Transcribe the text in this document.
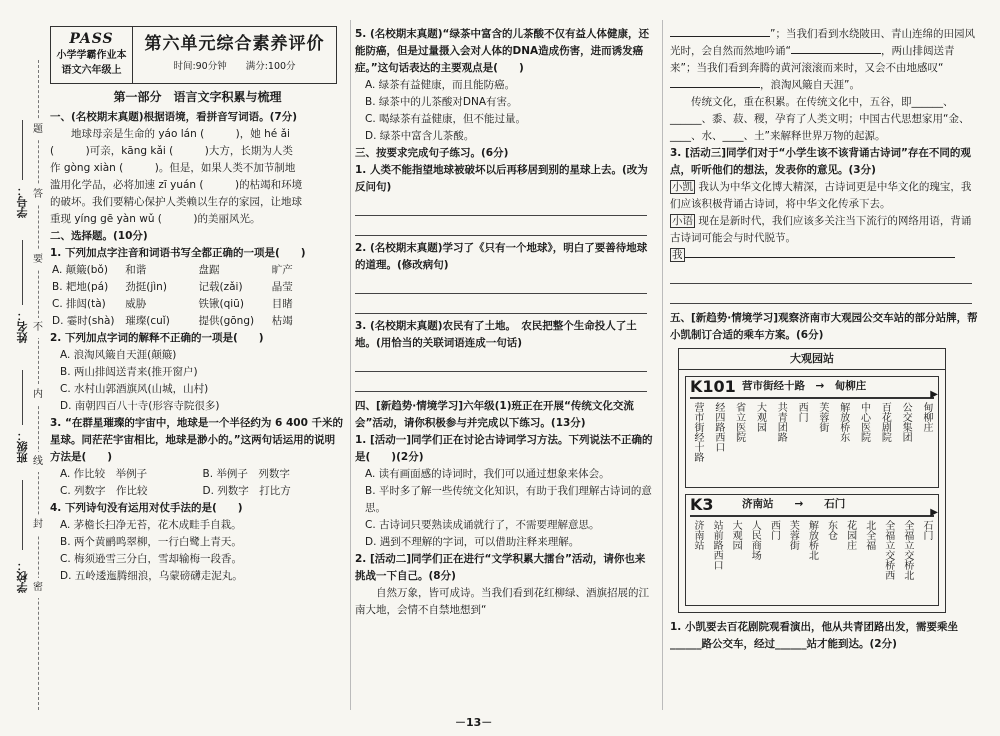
学校：
班级：
姓名：
学号：
题
答
要
不
内
线
封
密
PASS
小学学霸作业本
语文六年级上
第六单元综合素养评价
时间:90分钟　　满分:100分
第一部分　语言文字积累与梳理
一、(名校期末真题)根据语境，看拼音写词语。(7分)
　　地球母亲是生命的 yáo lán (　　　)，她 hé ǎi
(　　　)可亲，kāng kǎi (　　　)大方，长期为人类
作 gòng xiàn (　　　)。但是，如果人类不加节制地
滥用化学品，必将加速 zī yuán (　　　)的枯竭和环境
的破坏。我们要精心保护人类赖以生存的家园，让地球
重现 yíng gē yàn wǔ (　　　)的美丽风光。
二、选择题。(10分)
1. 下列加点字注音和词语书写全都正确的一项是(　　)
A. 颠簸(bǒ)	和谐	盘踞	旷产
B. 耙地(pá)	劲挺(jìn)	记载(zǎi)	晶莹
C. 排闼(tà)	威胁	铁锹(qiū)	目睹
D. 霎时(shà)	璀璨(cuǐ)	提供(gōng)	枯竭
2. 下列加点字词的解释不正确的一项是(　　)
A. 浪淘风簸自天涯(颠簸)
B. 两山排闼送青来(推开窗户)
C. 水村山郭酒旗风(山城，山村)
D. 南朝四百八十寺(形容寺院很多)
3. “在群星璀璨的宇宙中，地球是一个半径约为 6 400 千米的星球。同茫茫宇宙相比，地球是渺小的。”这两句话运用的说明方法是(　　)
A. 作比较　举例子	B. 举例子　列数字
C. 列数字　作比较	D. 列数字　打比方
4. 下列诗句没有运用对仗手法的是(　　)
A. 茅檐长扫净无苔，花木成畦手自栽。
B. 两个黄鹂鸣翠柳，一行白鹭上青天。
C. 梅须逊雪三分白，雪却输梅一段香。
D. 五岭逶迤腾细浪，乌蒙磅礴走泥丸。
5. (名校期末真题)“绿茶中富含的儿茶酸不仅有益人体健康，还能防癌，但是过量摄入会对人体的DNA造成伤害，进而诱发癌症。”这句话表达的主要观点是(　　)
A. 绿茶有益健康，而且能防癌。
B. 绿茶中的儿茶酸对DNA有害。
C. 喝绿茶有益健康，但不能过量。
D. 绿茶中富含儿茶酸。
三、按要求完成句子练习。(6分)
1. 人类不能指望地球被破坏以后再移居到别的星球上去。(改为反问句)
2. (名校期末真题)学习了《只有一个地球》，明白了要善待地球的道理。(修改病句)
3. (名校期末真题)农民有了土地。　农民把整个生命投人了土地。(用恰当的关联词语连成一句话)
四、[新趋势·情境学习]六年级(1)班正在开展“传统文化交流会”活动，请你积极参与并完成以下练习。(13分)
1. [活动一]同学们正在讨论古诗词学习方法。下列说法不正确的是(　　)(2分)
A. 读有画面感的诗词时，我们可以通过想象来体会。
B. 平时多了解一些传统文化知识，有助于我们理解古诗词的意思。
C. 古诗词只要熟读成诵就行了，不需要理解意思。
D. 遇到不理解的字词，可以借助注释来理解。
2. [活动二]同学们正在进行“文学积累大擂台”活动，请你也来挑战一下自己。(8分)
自然万象，皆可成诗。当我们看到花红柳绿、酒旗招展的江南大地，会情不自禁地想到“
”；当我们看到水绕陂田、青山连绵的田园风光时，会自然而然地吟诵“	，两山排闼送青来”；当我们看到奔腾的黄河滚滚而来时，又会不由地感叹“，浪淘风簸自天涯”。
传统文化，重在积累。在传统文化中，五谷，即______、______、黍、菽、稷，孕育了人类文明；中国古代思想家用“金、____、水、____、土”来解释世界万物的起源。
3. [活动三]同学们对于“小学生该不该背诵古诗词”存在不同的观点，听听他们的想法，发表你的意见。(3分)
小凯 我认为中华文化博大精深，古诗词更是中华文化的瑰宝，我们应该积极背诵古诗词，将中华文化传承下去。
小语 现在是新时代，我们应该多关注当下流行的网络用语，背诵古诗词可能会与时代脱节。
我
五、[新趋势·情境学习]观察济南市大观园公交车站的部分站牌，帮小凯制订合适的乘车方案。(6分)
大观园站
K101 营市街经十路　→　甸柳庄
▶
营市街经十路 经四路西口 省立医院 大观园 共青团路 西门 芙蓉街 解放桥东 中心医院 百花剧院 公交集团 甸柳庄
K3	济南站　　→　　石门
▶
济南站 站前路西口 大观园 人民商场 西门 芙蓉街 解放桥北 东仓 花园庄 北全福 全福立交桥西 全福立交桥北 石门
1. 小凯要去百花剧院观看演出，他从共青团路出发，需要乘坐______路公交车，经过______站才能到达。(2分)
－13－
